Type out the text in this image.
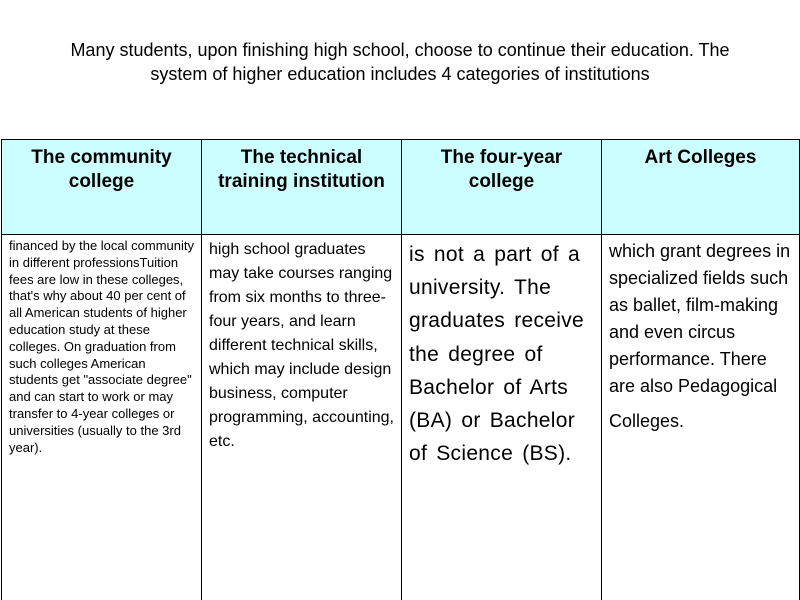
Many students, upon finishing high school, choose to continue their education. The system of higher education includes 4 categories of institutions
The community college	The technical training institution	The four-year college	Art Colleges
financed by the local community in different professionsTuition fees are low in these colleges, that's why about 40 per cent of all American students of higher education study at these colleges. On graduation from such colleges American students get "associate degree" and can start to work or may transfer to 4-year colleges or universities (usually to the 3rd year).	high school graduates may take courses ranging from six months to three-four years, and learn different technical skills, which may include design business, computer programming, accounting, etc.	is not a part of a university. The graduates receive the degree of Bachelor of Arts (BA) or Bachelor of Science (BS).	which grant degrees in specialized fields such as ballet, film-making and even circus performance. There are also Pedagogical
Colleges.
